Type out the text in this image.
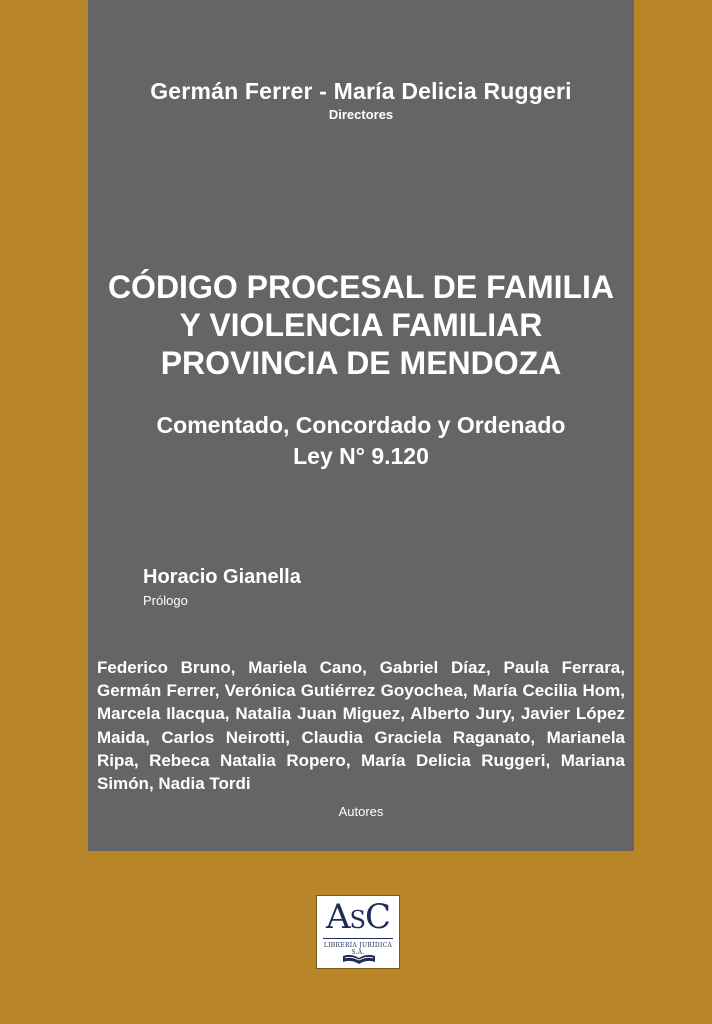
Germán Ferrer - María Delicia Ruggeri
Directores
CÓDIGO PROCESAL DE FAMILIA
Y VIOLENCIA FAMILIAR
PROVINCIA DE MENDOZA
Comentado, Concordado y Ordenado
Ley N° 9.120
Horacio Gianella
Prólogo
Federico Bruno, Mariela Cano, Gabriel Díaz, Paula Ferrara, Germán Ferrer, Verónica Gutiérrez Goyochea, María Cecilia Hom, Marcela Ilacqua, Natalia Juan Miguez, Alberto Jury, Javier López Maida, Carlos Neirotti, Claudia Graciela Raganato, Marianela Ripa, Rebeca Natalia Ropero, María Delicia Ruggeri, Mariana Simón, Nadia Tordi
Autores
ASC
LIBRERÍA JURÍDICA S.A.
